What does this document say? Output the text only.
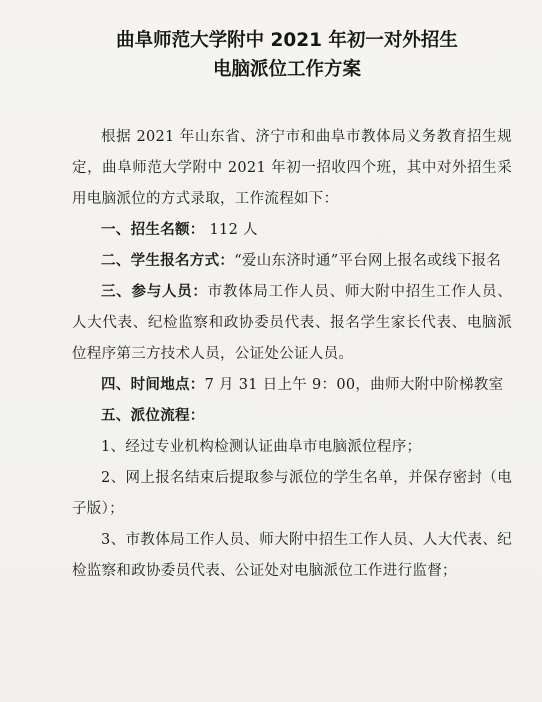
曲阜师范大学附中 2021 年初一对外招生
电脑派位工作方案

根据 2021 年山东省、济宁市和曲阜市教体局义务教育招生规定，曲阜师范大学附中 2021 年初一招收四个班，其中对外招生采用电脑派位的方式录取，工作流程如下：

一、招生名额： 112 人

二、学生报名方式：“爱山东济时通”平台网上报名或线下报名

三、参与人员：市教体局工作人员、师大附中招生工作人员、人大代表、纪检监察和政协委员代表、报名学生家长代表、电脑派位程序第三方技术人员，公证处公证人员。

四、时间地点：7 月 31 日上午 9：00，曲师大附中阶梯教室

五、派位流程：

1、经过专业机构检测认证曲阜市电脑派位程序；

2、网上报名结束后提取参与派位的学生名单，并保存密封（电子版）；

3、市教体局工作人员、师大附中招生工作人员、人大代表、纪检监察和政协委员代表、公证处对电脑派位工作进行监督；
